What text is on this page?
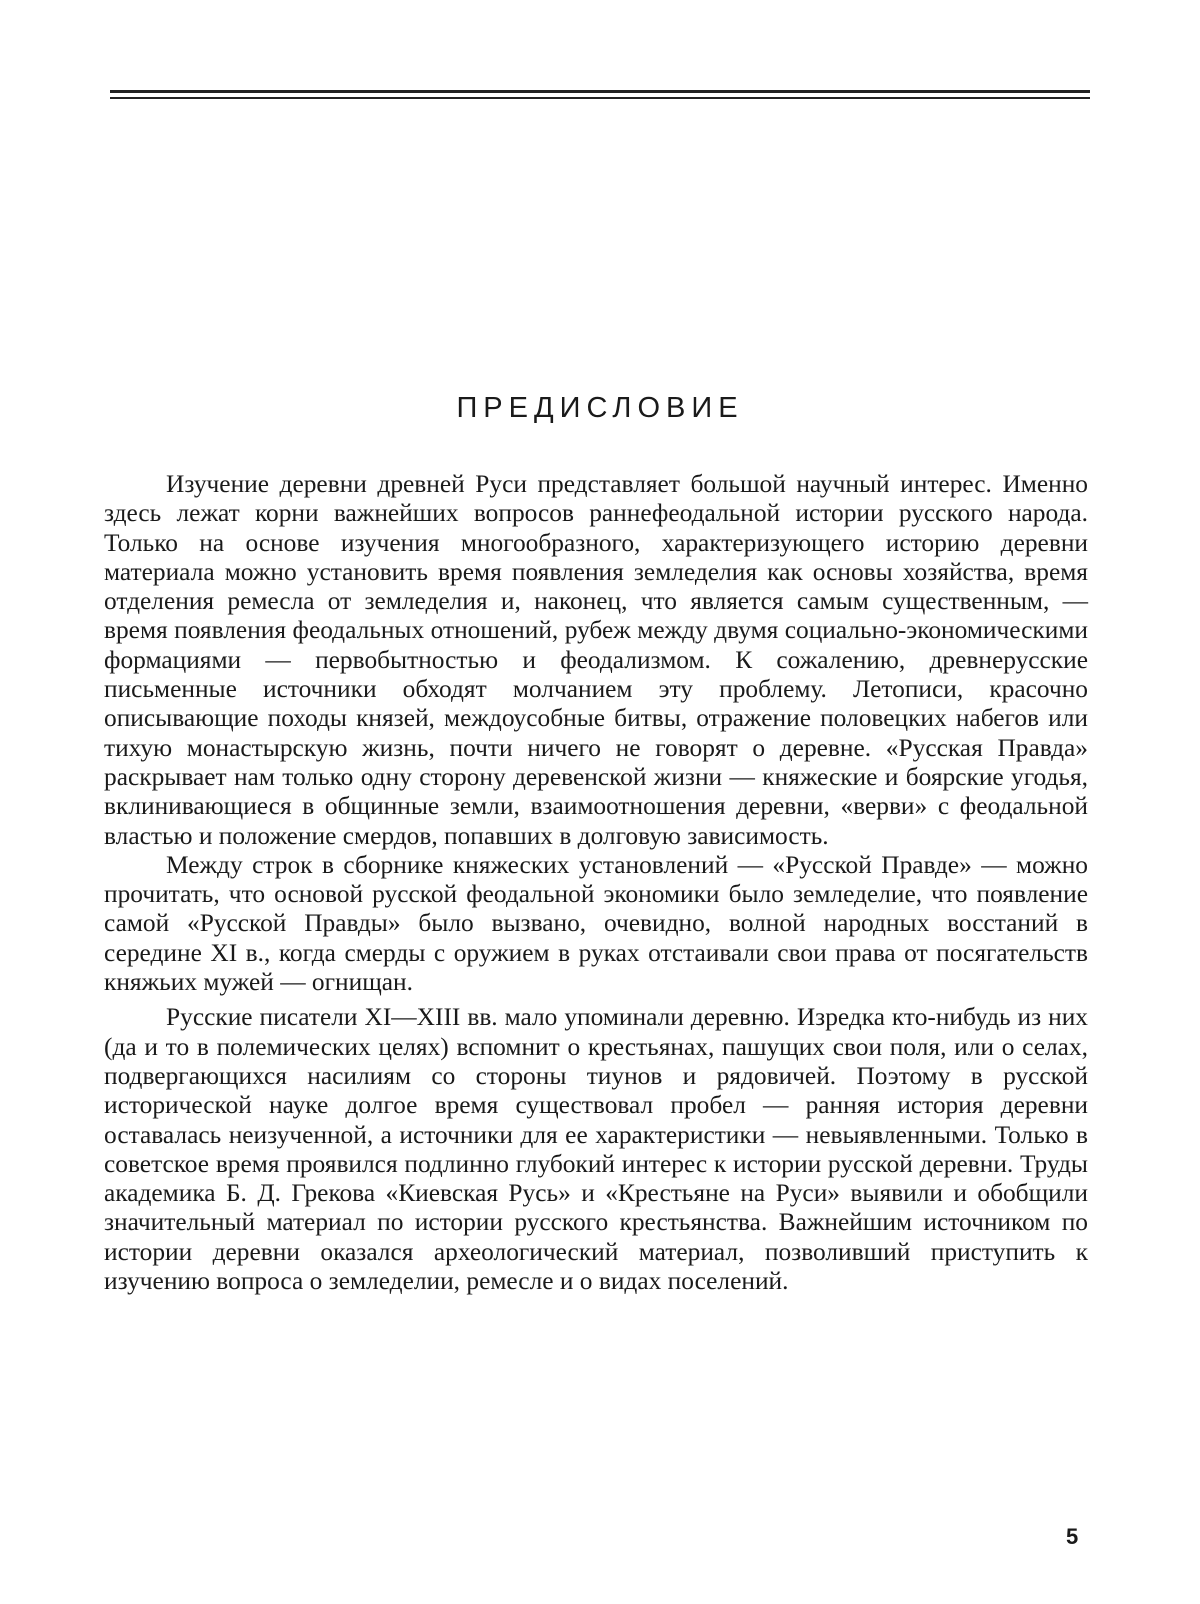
ПРЕДИСЛОВИЕ

Изучение деревни древней Руси представляет большой научный интерес. Именно здесь лежат корни важнейших вопросов раннефеодальной истории русского народа. Только на основе изучения многообразного, характеризующего историю деревни материала можно установить время появления земледелия как основы хозяйства, время отделения ремесла от земледелия и, наконец, что является самым существенным, — время появления феодальных отношений, рубеж между двумя социально-экономическими формациями — первобытностью и феодализмом. К сожалению, древнерусские письменные источники обходят молчанием эту проблему. Летописи, красочно описывающие походы князей, междоусобные битвы, отражение половецких набегов или тихую монастырскую жизнь, почти ничего не говорят о деревне. «Русская Правда» раскрывает нам только одну сторону деревенской жизни — княжеские и боярские угодья, вклинивающиеся в общинные земли, взаимоотношения деревни, «верви» с феодальной властью и положение смердов, попавших в долговую зависимость.

Между строк в сборнике княжеских установлений — «Русской Правде» — можно прочитать, что основой русской феодальной экономики было земледелие, что появление самой «Русской Правды» было вызвано, очевидно, волной народных восстаний в середине XI в., когда смерды с оружием в руках отстаивали свои права от посягательств княжьих мужей — огнищан.

Русские писатели XI—XIII вв. мало упоминали деревню. Изредка кто-нибудь из них (да и то в полемических целях) вспомнит о крестьянах, пашущих свои поля, или о селах, подвергающихся насилиям со стороны тиунов и рядовичей. Поэтому в русской исторической науке долгое время существовал пробел — ранняя история деревни оставалась неизученной, а источники для ее характеристики — невыявленными. Только в советское время проявился подлинно глубокий интерес к истории русской деревни. Труды академика Б. Д. Грекова «Киевская Русь» и «Крестьяне на Руси» выявили и обобщили значительный материал по истории русского крестьянства. Важнейшим источником по истории деревни оказался археологический материал, позволивший приступить к изучению вопроса о земледелии, ремесле и о видах поселений.

5
